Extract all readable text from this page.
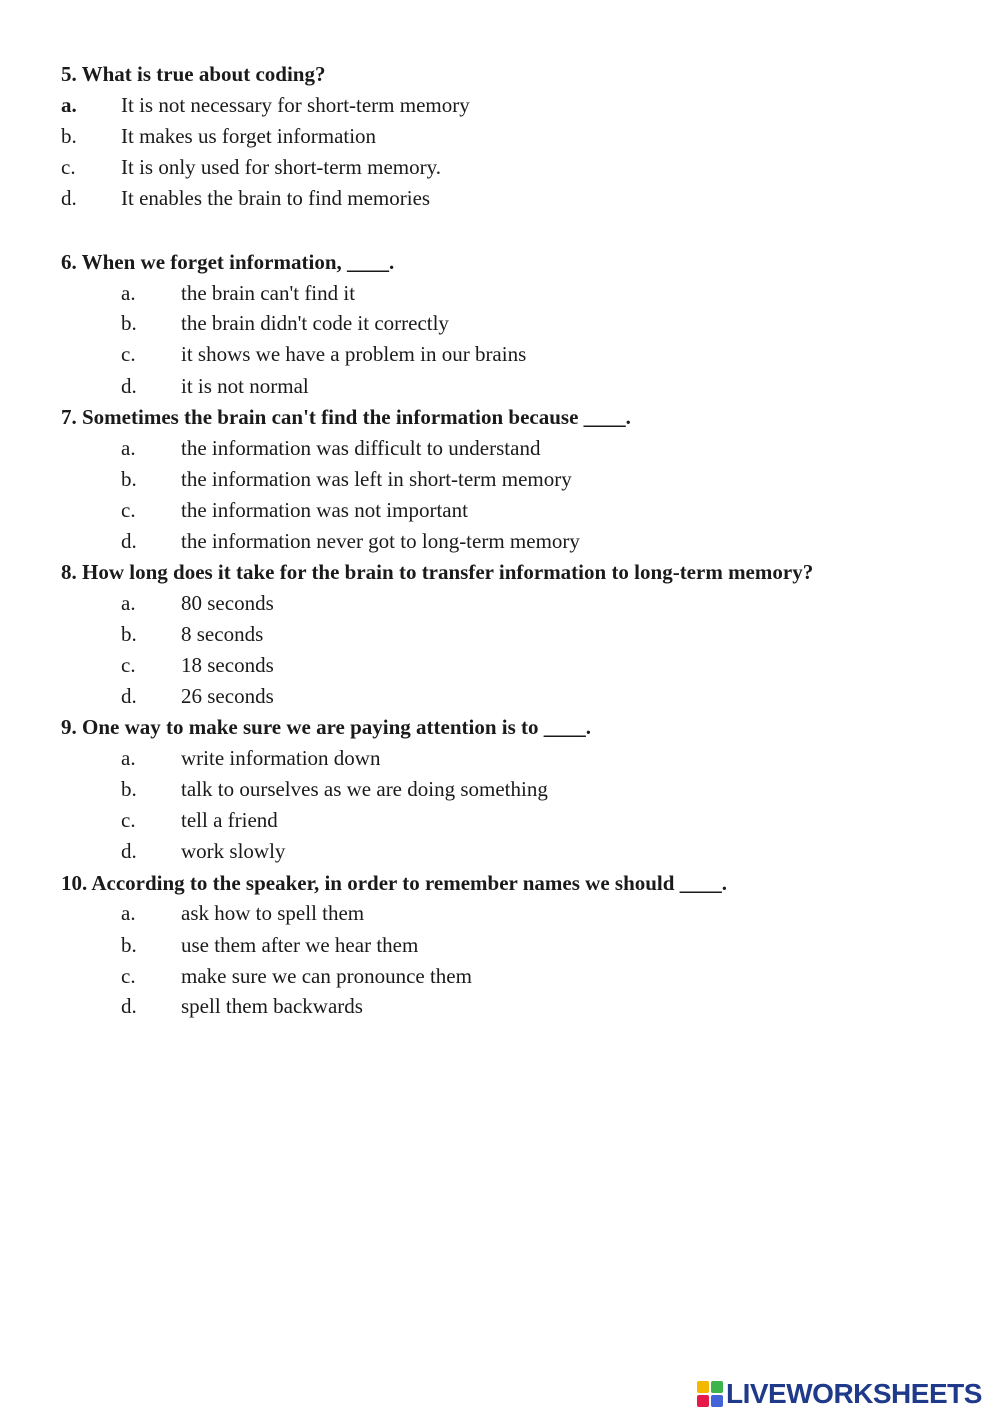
5. What is true about coding?
a. It is not necessary for short-term memory
b. It makes us forget information
c. It is only used for short-term memory.
d. It enables the brain to find memories
6. When we forget information, ____.
a. the brain can't find it
b. the brain didn't code it correctly
c. it shows we have a problem in our brains
d. it is not normal
7. Sometimes the brain can't find the information because ____.
a. the information was difficult to understand
b. the information was left in short-term memory
c. the information was not important
d. the information never got to long-term memory
8. How long does it take for the brain to transfer information to long-term memory?
a. 80 seconds
b. 8 seconds
c. 18 seconds
d. 26 seconds
9. One way to make sure we are paying attention is to ____.
a. write information down
b. talk to ourselves as we are doing something
c. tell a friend
d. work slowly
10. According to the speaker, in order to remember names we should ____.
a. ask how to spell them
b. use them after we hear them
c. make sure we can pronounce them
d. spell them backwards
LIVEWORKSHEETS
